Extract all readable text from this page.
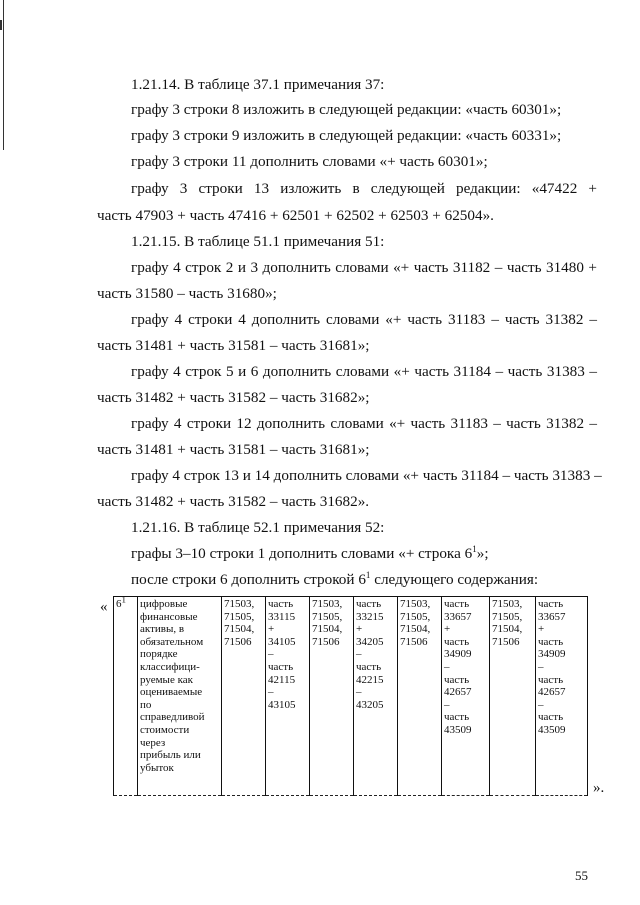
1.21.14. В таблице 37.1 примечания 37:
графу 3 строки 8 изложить в следующей редакции: «часть 60301»;
графу 3 строки 9 изложить в следующей редакции: «часть 60331»;
графу 3 строки 11 дополнить словами «+ часть 60301»;
графу 3 строки 13 изложить в следующей редакции: «47422 +
часть 47903 + часть 47416 + 62501 + 62502 + 62503 + 62504».
1.21.15. В таблице 51.1 примечания 51:
графу 4 строк 2 и 3 дополнить словами «+ часть 31182 – часть 31480 +
часть 31580 – часть 31680»;
графу 4 строки 4 дополнить словами «+ часть 31183 – часть 31382 –
часть 31481 + часть 31581 – часть 31681»;
графу 4 строк 5 и 6 дополнить словами «+ часть 31184 – часть 31383 –
часть 31482 + часть 31582 – часть 31682»;
графу 4 строки 12 дополнить словами «+ часть 31183 – часть 31382 –
часть 31481 + часть 31581 – часть 31681»;
графу 4 строк 13 и 14 дополнить словами «+ часть 31184 – часть 31383 –
часть 31482 + часть 31582 – часть 31682».
1.21.16. В таблице 52.1 примечания 52:
графы 3–10 строки 1 дополнить словами «+ строка $6^1$»;
после строки 6 дополнить строкой $6^1$ следующего содержания:
« $6^1$	цифровые
финансовые
активы, в
обязательном
порядке
классифици-
руемые как
оцениваемые
по
справедливой
стоимости
через
прибыль или
убыток

71503,
71505,
71504,
71506

часть
33115
+
34105
–
часть
42115
–
43105

71503,
71505,
71504,
71506

часть
33215
+
34205
–
часть
42215
–
43205

71503,
71505,
71504,
71506

часть
33657
+
часть
34909
–
часть
42657
–
часть
43509

71503,
71505,
71504,
71506

часть
33657
+
часть
34909
–
часть
42657
–
часть
43509
».
55
